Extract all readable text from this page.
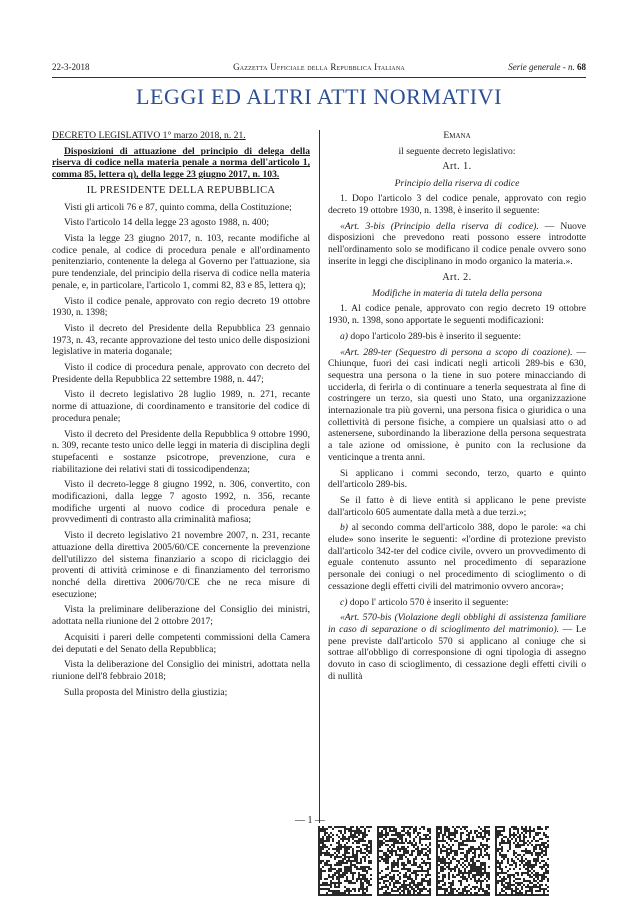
22-3-2018	Gazzetta Ufficiale della Repubblica Italiana	Serie generale - n. 68
LEGGI ED ALTRI ATTI NORMATIVI

DECRETO LEGISLATIVO 1° marzo 2018, n. 21.

Disposizioni di attuazione del principio di delega della riserva di codice nella materia penale a norma dell'articolo 1, comma 85, lettera q), della legge 23 giugno 2017, n. 103.

IL PRESIDENTE DELLA REPUBBLICA

Visti gli articoli 76 e 87, quinto comma, della Costituzione;

Visto l'articolo 14 della legge 23 agosto 1988, n. 400;

Vista la legge 23 giugno 2017, n. 103, recante modifiche al codice penale, al codice di procedura penale e all'ordinamento penitenziario, contenente la delega al Governo per l'attuazione, sia pure tendenziale, del principio della riserva di codice nella materia penale, e, in particolare, l'articolo 1, commi 82, 83 e 85, lettera q);

Visto il codice penale, approvato con regio decreto 19 ottobre 1930, n. 1398;

Visto il decreto del Presidente della Repubblica 23 gennaio 1973, n. 43, recante approvazione del testo unico delle disposizioni legislative in materia doganale;

Visto il codice di procedura penale, approvato con decreto del Presidente della Repubblica 22 settembre 1988, n. 447;

Visto il decreto legislativo 28 luglio 1989, n. 271, recante norme di attuazione, di coordinamento e transitorie del codice di procedura penale;

Visto il decreto del Presidente della Repubblica 9 ottobre 1990, n. 309, recante testo unico delle leggi in materia di disciplina degli stupefacenti e sostanze psicotrope, prevenzione, cura e riabilitazione dei relativi stati di tossicodipendenza;

Visto il decreto-legge 8 giugno 1992, n. 306, convertito, con modificazioni, dalla legge 7 agosto 1992, n. 356, recante modifiche urgenti al nuovo codice di procedura penale e provvedimenti di contrasto alla criminalità mafiosa;

Visto il decreto legislativo 21 novembre 2007, n. 231, recante attuazione della direttiva 2005/60/CE concernente la prevenzione dell'utilizzo del sistema finanziario a scopo di riciclaggio dei proventi di attività criminose e di finanziamento del terrorismo nonché della direttiva 2006/70/CE che ne reca misure di esecuzione;

Vista la preliminare deliberazione del Consiglio dei ministri, adottata nella riunione del 2 ottobre 2017;

Acquisiti i pareri delle competenti commissioni della Camera dei deputati e del Senato della Repubblica;

Vista la deliberazione del Consiglio dei ministri, adottata nella riunione dell'8 febbraio 2018;

Sulla proposta del Ministro della giustizia;

Emana

il seguente decreto legislativo:

Art. 1.

Principio della riserva di codice

1. Dopo l'articolo 3 del codice penale, approvato con regio decreto 19 ottobre 1930, n. 1398, è inserito il seguente:

«Art. 3-bis (Principio della riserva di codice). — Nuove disposizioni che prevedono reati possono essere introdotte nell'ordinamento solo se modificano il codice penale ovvero sono inserite in leggi che disciplinano in modo organico la materia.».

Art. 2.

Modifiche in materia di tutela della persona

1. Al codice penale, approvato con regio decreto 19 ottobre 1930, n. 1398, sono apportate le seguenti modificazioni:

a) dopo l'articolo 289-bis è inserito il seguente:

«Art. 289-ter (Sequestro di persona a scopo di coazione). — Chiunque, fuori dei casi indicati negli articoli 289-bis e 630, sequestra una persona o la tiene in suo potere minacciando di ucciderla, di ferirla o di continuare a tenerla sequestrata al fine di costringere un terzo, sia questi uno Stato, una organizzazione internazionale tra più governi, una persona fisica o giuridica o una collettività di persone fisiche, a compiere un qualsiasi atto o ad astenersene, subordinando la liberazione della persona sequestrata a tale azione od omissione, è punito con la reclusione da venticinque a trenta anni.

Si applicano i commi secondo, terzo, quarto e quinto dell'articolo 289-bis.

Se il fatto è di lieve entità si applicano le pene previste dall'articolo 605 aumentate dalla metà a due terzi.»;

b) al secondo comma dell'articolo 388, dopo le parole: «a chi elude» sono inserite le seguenti: «l'ordine di protezione previsto dall'articolo 342-ter del codice civile, ovvero un provvedimento di eguale contenuto assunto nel procedimento di separazione personale dei coniugi o nel procedimento di scioglimento o di cessazione degli effetti civili del matrimonio ovvero ancora»;

c) dopo l' articolo 570 è inserito il seguente:

«Art. 570-bis (Violazione degli obblighi di assistenza familiare in caso di separazione o di scioglimento del matrimonio). — Le pene previste dall'articolo 570 si applicano al coniuge che si sottrae all'obbligo di corresponsione di ogni tipologia di assegno dovuto in caso di scioglimento, di cessazione degli effetti civili o di nullità

— 1 —
